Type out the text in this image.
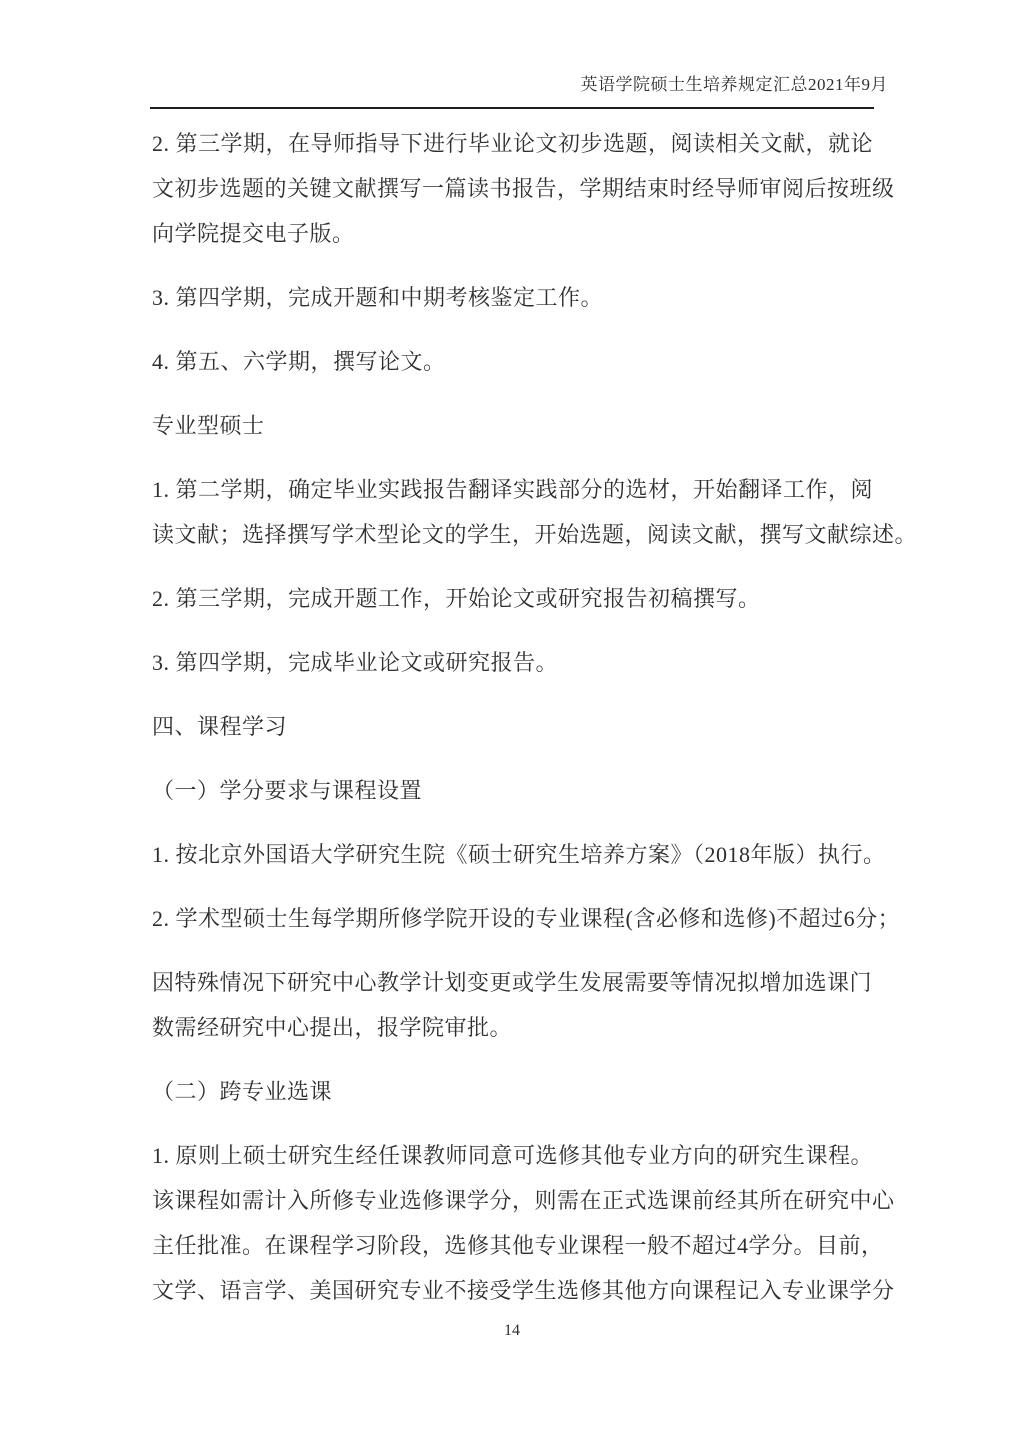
英语学院硕士生培养规定汇总2021年9月
2. 第三学期，在导师指导下进行毕业论文初步选题，阅读相关文献，就论
文初步选题的关键文献撰写一篇读书报告，学期结束时经导师审阅后按班级
向学院提交电子版。
3. 第四学期，完成开题和中期考核鉴定工作。
4. 第五、六学期，撰写论文。
专业型硕士
1. 第二学期，确定毕业实践报告翻译实践部分的选材，开始翻译工作，阅
读文献；选择撰写学术型论文的学生，开始选题，阅读文献，撰写文献综述。
2. 第三学期，完成开题工作，开始论文或研究报告初稿撰写。
3. 第四学期，完成毕业论文或研究报告。
四、课程学习
（一）学分要求与课程设置
1. 按北京外国语大学研究生院《硕士研究生培养方案》（2018年版）执行。
2. 学术型硕士生每学期所修学院开设的专业课程(含必修和选修)不超过6分；
因特殊情况下研究中心教学计划变更或学生发展需要等情况拟增加选课门
数需经研究中心提出，报学院审批。
（二）跨专业选课
1. 原则上硕士研究生经任课教师同意可选修其他专业方向的研究生课程。
该课程如需计入所修专业选修课学分，则需在正式选课前经其所在研究中心
主任批准。在课程学习阶段，选修其他专业课程一般不超过4学分。目前，
文学、语言学、美国研究专业不接受学生选修其他方向课程记入专业课学分
14
